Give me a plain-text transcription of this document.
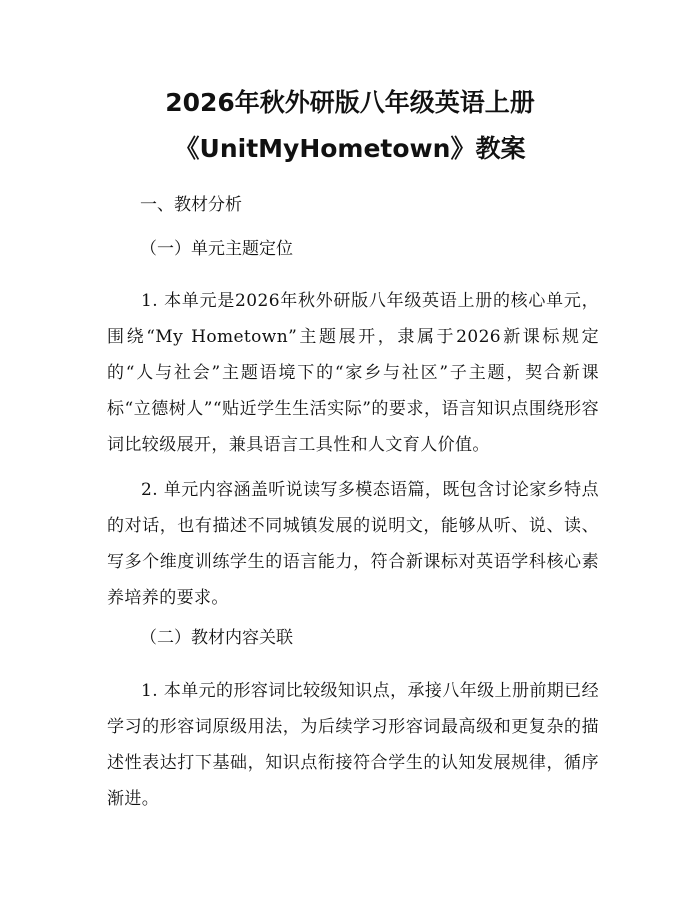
2026年秋外研版八年级英语上册
《UnitMyHometown》教案
一、教材分析
（一）单元主题定位
1. 本单元是2026年秋外研版八年级英语上册的核心单元，围绕“My Hometown”主题展开，隶属于2026新课标规定的“人与社会”主题语境下的“家乡与社区”子主题，契合新课标“立德树人”“贴近学生生活实际”的要求，语言知识点围绕形容词比较级展开，兼具语言工具性和人文育人价值。
2. 单元内容涵盖听说读写多模态语篇，既包含讨论家乡特点的对话，也有描述不同城镇发展的说明文，能够从听、说、读、写多个维度训练学生的语言能力，符合新课标对英语学科核心素养培养的要求。
（二）教材内容关联
1. 本单元的形容词比较级知识点，承接八年级上册前期已经学习的形容词原级用法，为后续学习形容词最高级和更复杂的描述性表达打下基础，知识点衔接符合学生的认知发展规律，循序渐进。
